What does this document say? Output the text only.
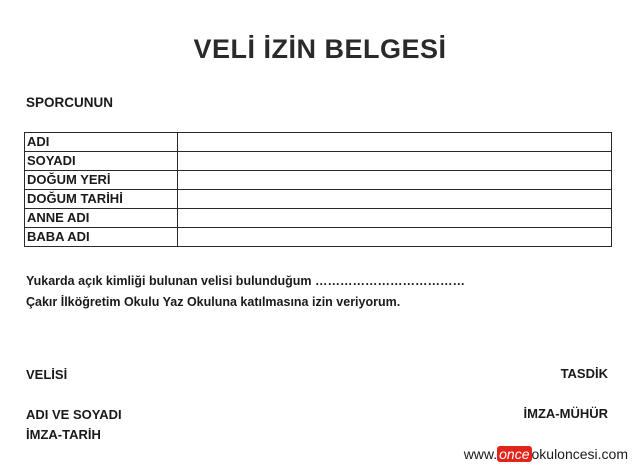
VELİ İZİN BELGESİ
SPORCUNUN
ADI	
SOYADI	
DOĞUM YERİ	
DOĞUM TARİHİ	
ANNE ADI	
BABA ADI	
Yukarda açık kimliği bulunan velisi bulunduğum ………………………………
Çakır İlköğretim Okulu Yaz Okuluna katılmasına izin veriyorum.
VELİSİ	TASDİK
ADI VE SOYADI
İMZA-TARİH
İMZA-MÜHÜR
www. once okuloncesi.com
